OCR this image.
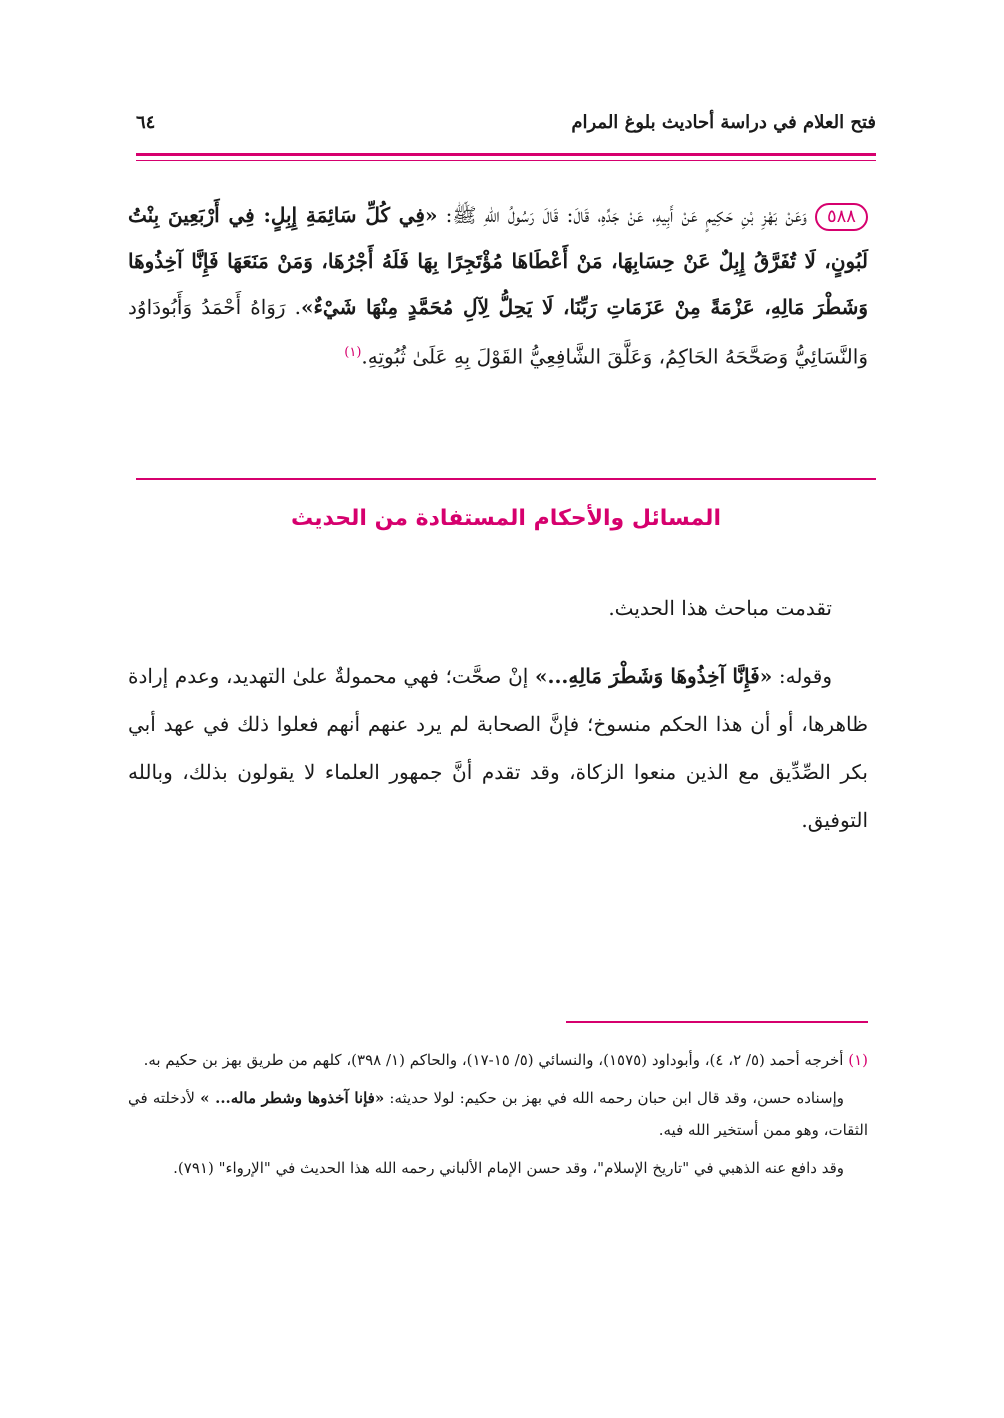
فتح العلام في دراسة أحاديث بلوغ المرام
٦٤
٥٨٨وَعَنْ بَهْزِ بْنِ حَكِيمٍ عَنْ أَبِيهِ، عَنْ جَدِّهِ، قَالَ: قَالَ رَسُولُ اللهِ ﷺ: «فِي كُلِّ سَائِمَةِ إِبِلٍ: فِي أَرْبَعِينَ بِنْتُ لَبُونٍ، لَا تُفَرَّقُ إِبِلٌ عَنْ حِسَابِهَا، مَنْ أَعْطَاهَا مُؤْتَجِرًا بِهَا فَلَهُ أَجْرُهَا، وَمَنْ مَنَعَهَا فَإِنَّا آخِذُوهَا وَشَطْرَ مَالِهِ، عَزْمَةً مِنْ عَزَمَاتِ رَبِّنَا، لَا يَحِلُّ لِآلِ مُحَمَّدٍ مِنْهَا شَيْءٌ». رَوَاهُ أَحْمَدُ وَأَبُودَاوُد وَالنَّسَائِيُّ وَصَحَّحَهُ الحَاكِمُ، وَعَلَّقَ الشَّافِعِيُّ القَوْلَ بِهِ عَلَىٰ ثُبُوتِهِ.$^{(١)}$
المسائل والأحكام المستفادة من الحديث

تقدمت مباحث هذا الحديث.

وقوله: «فَإِنَّا آخِذُوهَا وَشَطْرَ مَالِهِ...» إنْ صحَّت؛ فهي محمولةٌ علىٰ التهديد، وعدم إرادة ظاهرها، أو أن هذا الحكم منسوخ؛ فإنَّ الصحابة لم يرد عنهم أنهم فعلوا ذلك في عهد أبي بكر الصِّدِّيق مع الذين منعوا الزكاة، وقد تقدم أنَّ جمهور العلماء لا يقولون بذلك، وبالله التوفيق.

(١) أخرجه أحمد (٥/ ٢، ٤)، وأبوداود (١٥٧٥)، والنسائي (٥/ ١٥-١٧)، والحاكم (١/ ٣٩٨)، كلهم من طريق بهز بن حكيم به.

وإسناده حسن، وقد قال ابن حبان رحمه الله في بهز بن حكيم: لولا حديثه: «فإنا آخذوها وشطر ماله... » لأدخلته في الثقات، وهو ممن أستخير الله فيه.

وقد دافع عنه الذهبي في "تاريخ الإسلام"، وقد حسن الإمام الألباني رحمه الله هذا الحديث في "الإرواء" (٧٩١).
